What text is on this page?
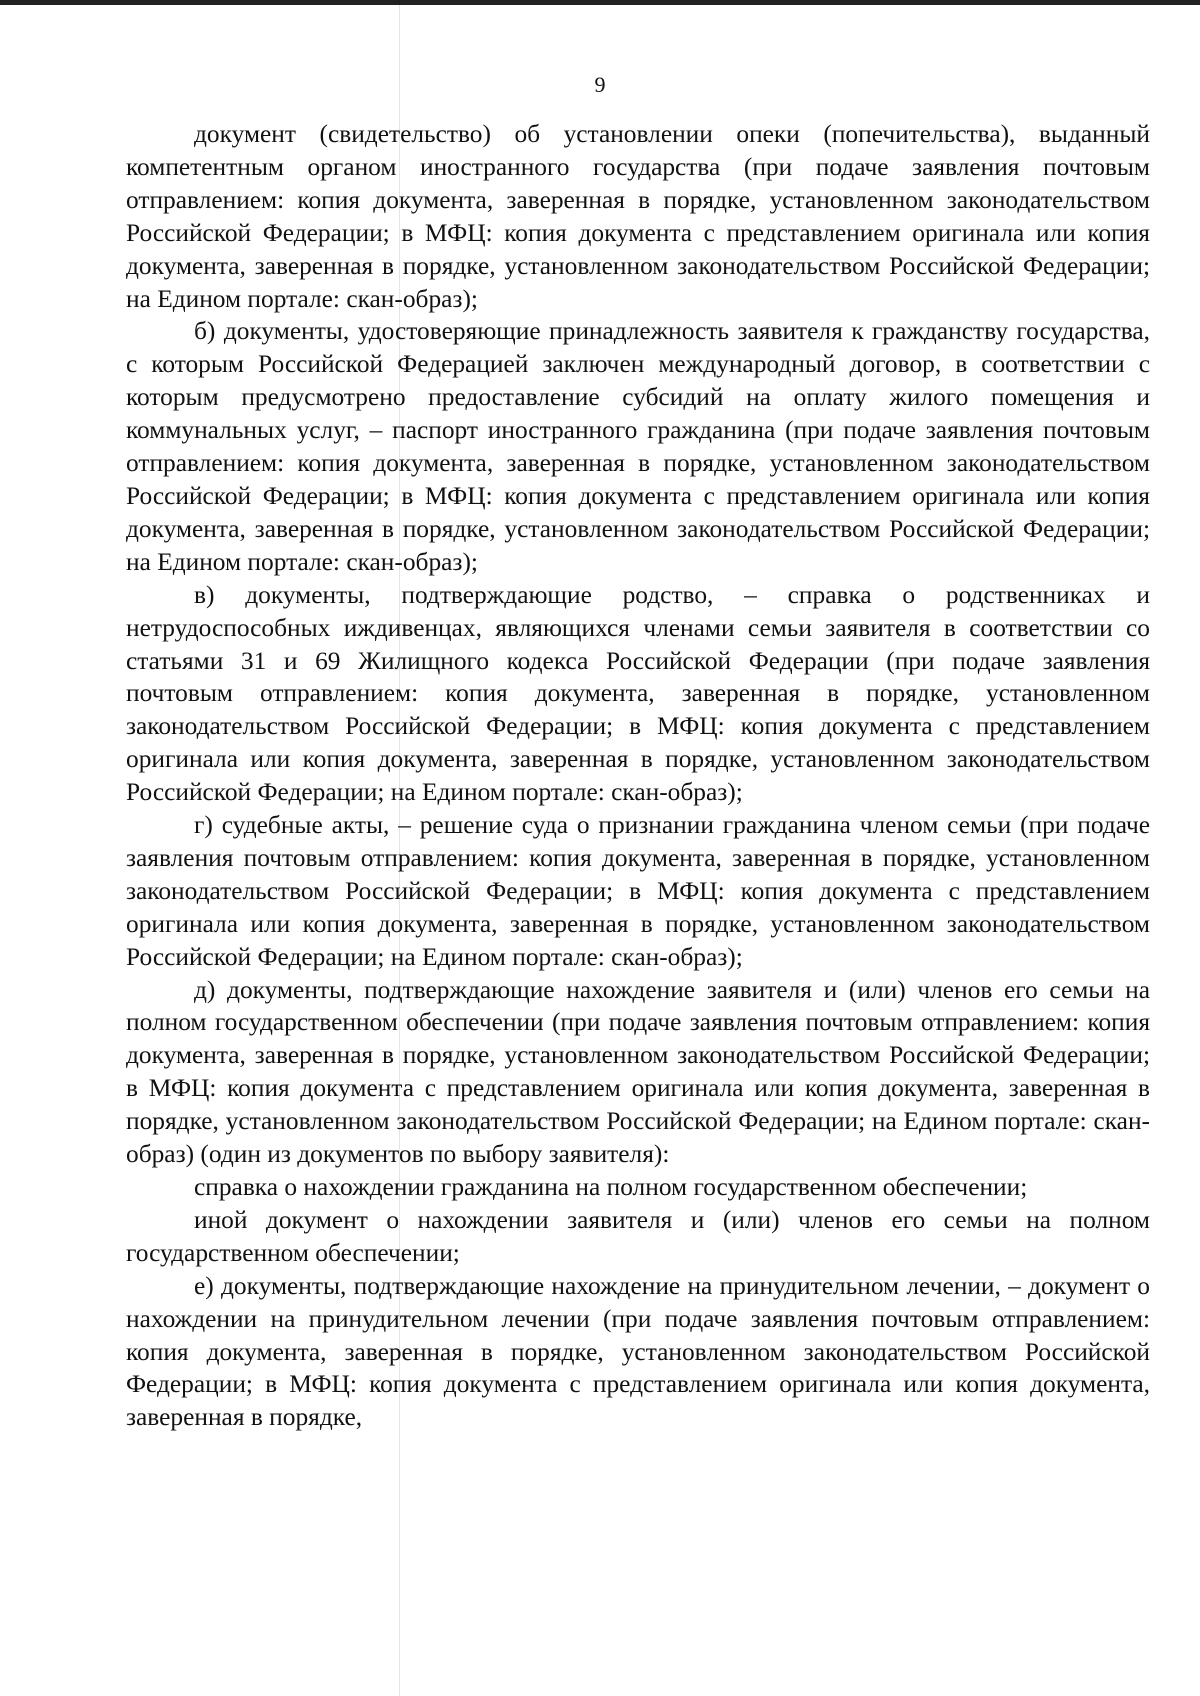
9

документ (свидетельство) об установлении опеки (попечительства), выданный компетентным органом иностранного государства (при подаче заявления почтовым отправлением: копия документа, заверенная в порядке, установленном законодательством Российской Федерации; в МФЦ: копия документа с представлением оригинала или копия документа, заверенная в порядке, установленном законодательством Российской Федерации; на Едином портале: скан-образ);

б) документы, удостоверяющие принадлежность заявителя к гражданству государства, с которым Российской Федерацией заключен международный договор, в соответствии с которым предусмотрено предоставление субсидий на оплату жилого помещения и коммунальных услуг, – паспорт иностранного гражданина (при подаче заявления почтовым отправлением: копия документа, заверенная в порядке, установленном законодательством Российской Федерации; в МФЦ: копия документа с представлением оригинала или копия документа, заверенная в порядке, установленном законодательством Российской Федерации; на Едином портале: скан-образ);

в) документы, подтверждающие родство, – справка о родственниках и нетрудоспособных иждивенцах, являющихся членами семьи заявителя в соответствии со статьями 31 и 69 Жилищного кодекса Российской Федерации (при подаче заявления почтовым отправлением: копия документа, заверенная в порядке, установленном законодательством Российской Федерации; в МФЦ: копия документа с представлением оригинала или копия документа, заверенная в порядке, установленном законодательством Российской Федерации; на Едином портале: скан-образ);

г) судебные акты, – решение суда о признании гражданина членом семьи (при подаче заявления почтовым отправлением: копия документа, заверенная в порядке, установленном законодательством Российской Федерации; в МФЦ: копия документа с представлением оригинала или копия документа, заверенная в порядке, установленном законодательством Российской Федерации; на Едином портале: скан-образ);

д) документы, подтверждающие нахождение заявителя и (или) членов его семьи на полном государственном обеспечении (при подаче заявления почтовым отправлением: копия документа, заверенная в порядке, установленном законодательством Российской Федерации; в МФЦ: копия документа с представлением оригинала или копия документа, заверенная в порядке, установленном законодательством Российской Федерации; на Едином портале: скан-образ) (один из документов по выбору заявителя):

справка о нахождении гражданина на полном государственном обеспечении;

иной документ о нахождении заявителя и (или) членов его семьи на полном государственном обеспечении;

е) документы, подтверждающие нахождение на принудительном лечении, – документ о нахождении на принудительном лечении (при подаче заявления почтовым отправлением: копия документа, заверенная в порядке, установленном законодательством Российской Федерации; в МФЦ: копия документа с представлением оригинала или копия документа, заверенная в порядке,
